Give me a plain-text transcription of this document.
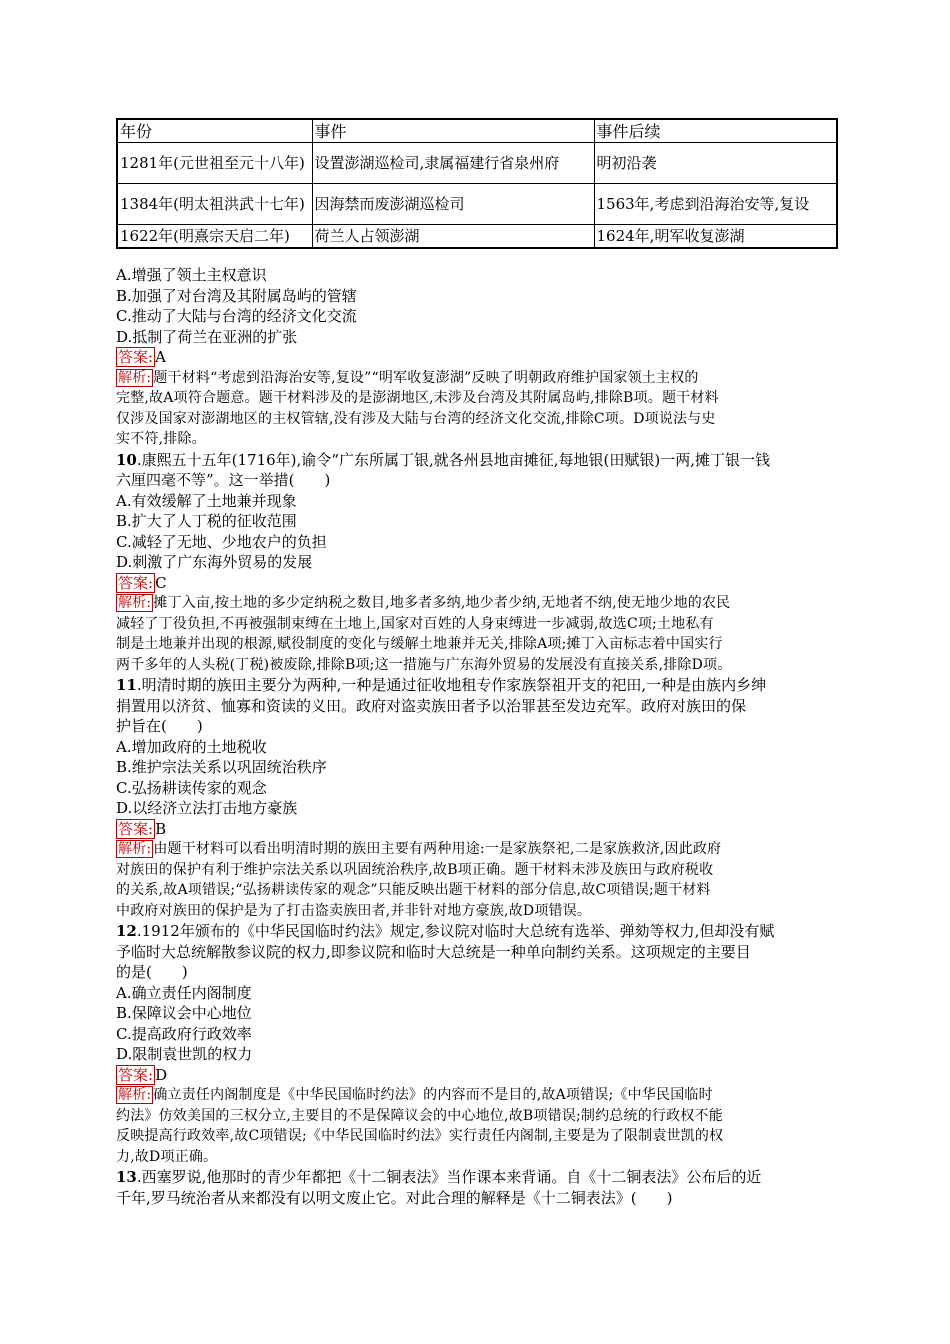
年份	事件	事件后续
1281年(元世祖至元十八年)	设置澎湖巡检司,隶属福建行省泉州府	明初沿袭
1384年(明太祖洪武十七年)	因海禁而废澎湖巡检司	1563年,考虑到沿海治安等,复设
1622年(明熹宗天启二年)	荷兰人占领澎湖	1624年,明军收复澎湖
A.增强了领土主权意识
B.加强了对台湾及其附属岛屿的管辖
C.推动了大陆与台湾的经济文化交流
D.抵制了荷兰在亚洲的扩张
答案: A
解析: 题干材料“考虑到沿海治安等,复设”“明军收复澎湖”反映了明朝政府维护国家领土主权的
完整,故A项符合题意。题干材料涉及的是澎湖地区,未涉及台湾及其附属岛屿,排除B项。题干材料
仅涉及国家对澎湖地区的主权管辖,没有涉及大陆与台湾的经济文化交流,排除C项。D项说法与史
实不符,排除。
10.康熙五十五年(1716年),谕令“广东所属丁银,就各州县地亩摊征,每地银(田赋银)一两,摊丁银一钱
六厘四毫不等”。这一举措(　　)
A.有效缓解了土地兼并现象
B.扩大了人丁税的征收范围
C.减轻了无地、少地农户的负担
D.刺激了广东海外贸易的发展
答案: C
解析: 摊丁入亩,按土地的多少定纳税之数目,地多者多纳,地少者少纳,无地者不纳,使无地少地的农民
减轻了丁役负担,不再被强制束缚在土地上,国家对百姓的人身束缚进一步减弱,故选C项;土地私有
制是土地兼并出现的根源,赋役制度的变化与缓解土地兼并无关,排除A项;摊丁入亩标志着中国实行
两千多年的人头税(丁税)被废除,排除B项;这一措施与广东海外贸易的发展没有直接关系,排除D项。
11.明清时期的族田主要分为两种,一种是通过征收地租专作家族祭祖开支的祀田,一种是由族内乡绅
捐置用以济贫、恤寡和资读的义田。政府对盗卖族田者予以治罪甚至发边充军。政府对族田的保
护旨在(　　)
A.增加政府的土地税收
B.维护宗法关系以巩固统治秩序
C.弘扬耕读传家的观念
D.以经济立法打击地方豪族
答案: B
解析: 由题干材料可以看出明清时期的族田主要有两种用途:一是家族祭祀,二是家族救济,因此政府
对族田的保护有利于维护宗法关系以巩固统治秩序,故B项正确。题干材料未涉及族田与政府税收
的关系,故A项错误;“弘扬耕读传家的观念”只能反映出题干材料的部分信息,故C项错误;题干材料
中政府对族田的保护是为了打击盗卖族田者,并非针对地方豪族,故D项错误。
12.1912年颁布的《中华民国临时约法》规定,参议院对临时大总统有选举、弹劾等权力,但却没有赋
予临时大总统解散参议院的权力,即参议院和临时大总统是一种单向制约关系。这项规定的主要目
的是(　　)
A.确立责任内阁制度
B.保障议会中心地位
C.提高政府行政效率
D.限制袁世凯的权力
答案: D
解析: 确立责任内阁制度是《中华民国临时约法》的内容而不是目的,故A项错误;《中华民国临时
约法》仿效美国的三权分立,主要目的不是保障议会的中心地位,故B项错误;制约总统的行政权不能
反映提高行政效率,故C项错误;《中华民国临时约法》实行责任内阁制,主要是为了限制袁世凯的权
力,故D项正确。
13.西塞罗说,他那时的青少年都把《十二铜表法》当作课本来背诵。自《十二铜表法》公布后的近
千年,罗马统治者从来都没有以明文废止它。对此合理的解释是《十二铜表法》(　　)
